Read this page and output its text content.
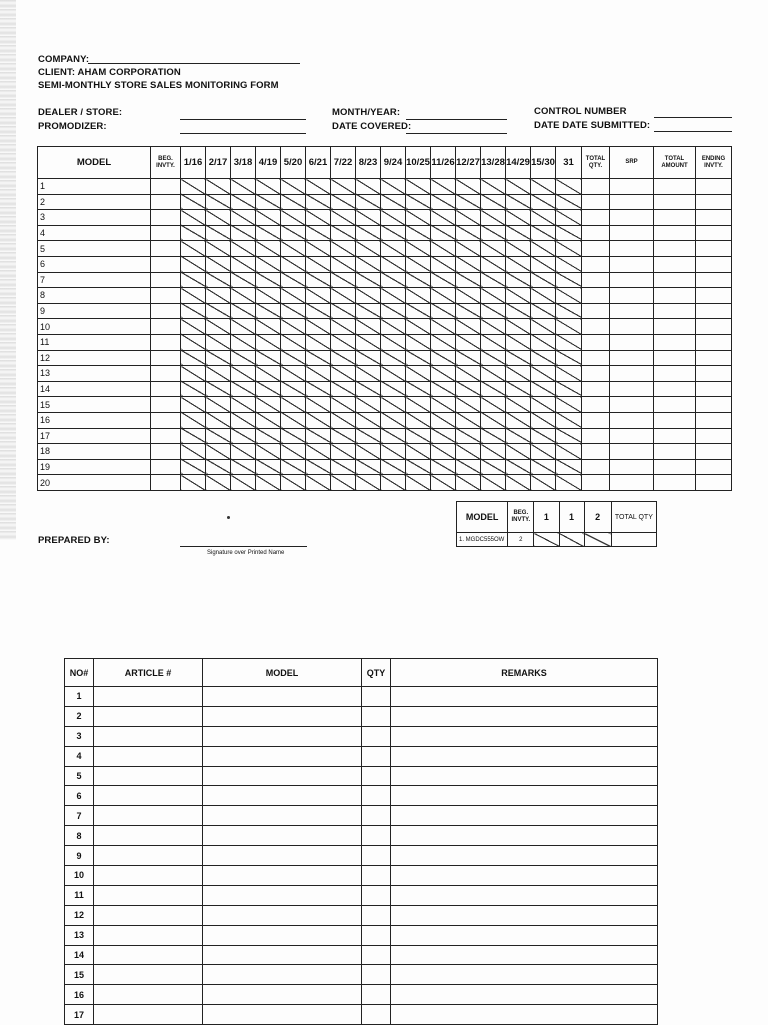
COMPANY:
CLIENT: AHAM CORPORATION
SEMI-MONTHLY STORE SALES MONITORING FORM
DEALER / STORE:
PROMODIZER:
MONTH/YEAR:
DATE COVERED:
CONTROL NUMBER
DATE DATE SUBMITTED:
MODEL	BEG. INVTY.	1/16	2/17	3/18	4/19	5/20	6/21	7/22	8/23	9/24	10/25	11/26	12/27	13/28	14/29	15/30	31	TOTAL QTY.	SRP	TOTAL AMOUNT	ENDING INVTY.
1																					
2																					
3																					
4																					
5																					
6																					
7																					
8																					
9																					
10																					
11																					
12																					
13																					
14																					
15																					
16																					
17																					
18																					
19																					
20																					
MODEL	BEG. INVTY.	1	1	2	TOTAL QTY
1. MGDC555OW	2				
PREPARED BY:
Signature over Printed Name
NO#	ARTICLE #	MODEL	QTY	REMARKS
1				
2				
3				
4				
5				
6				
7				
8				
9				
10				
11				
12				
13				
14				
15				
16				
17				
